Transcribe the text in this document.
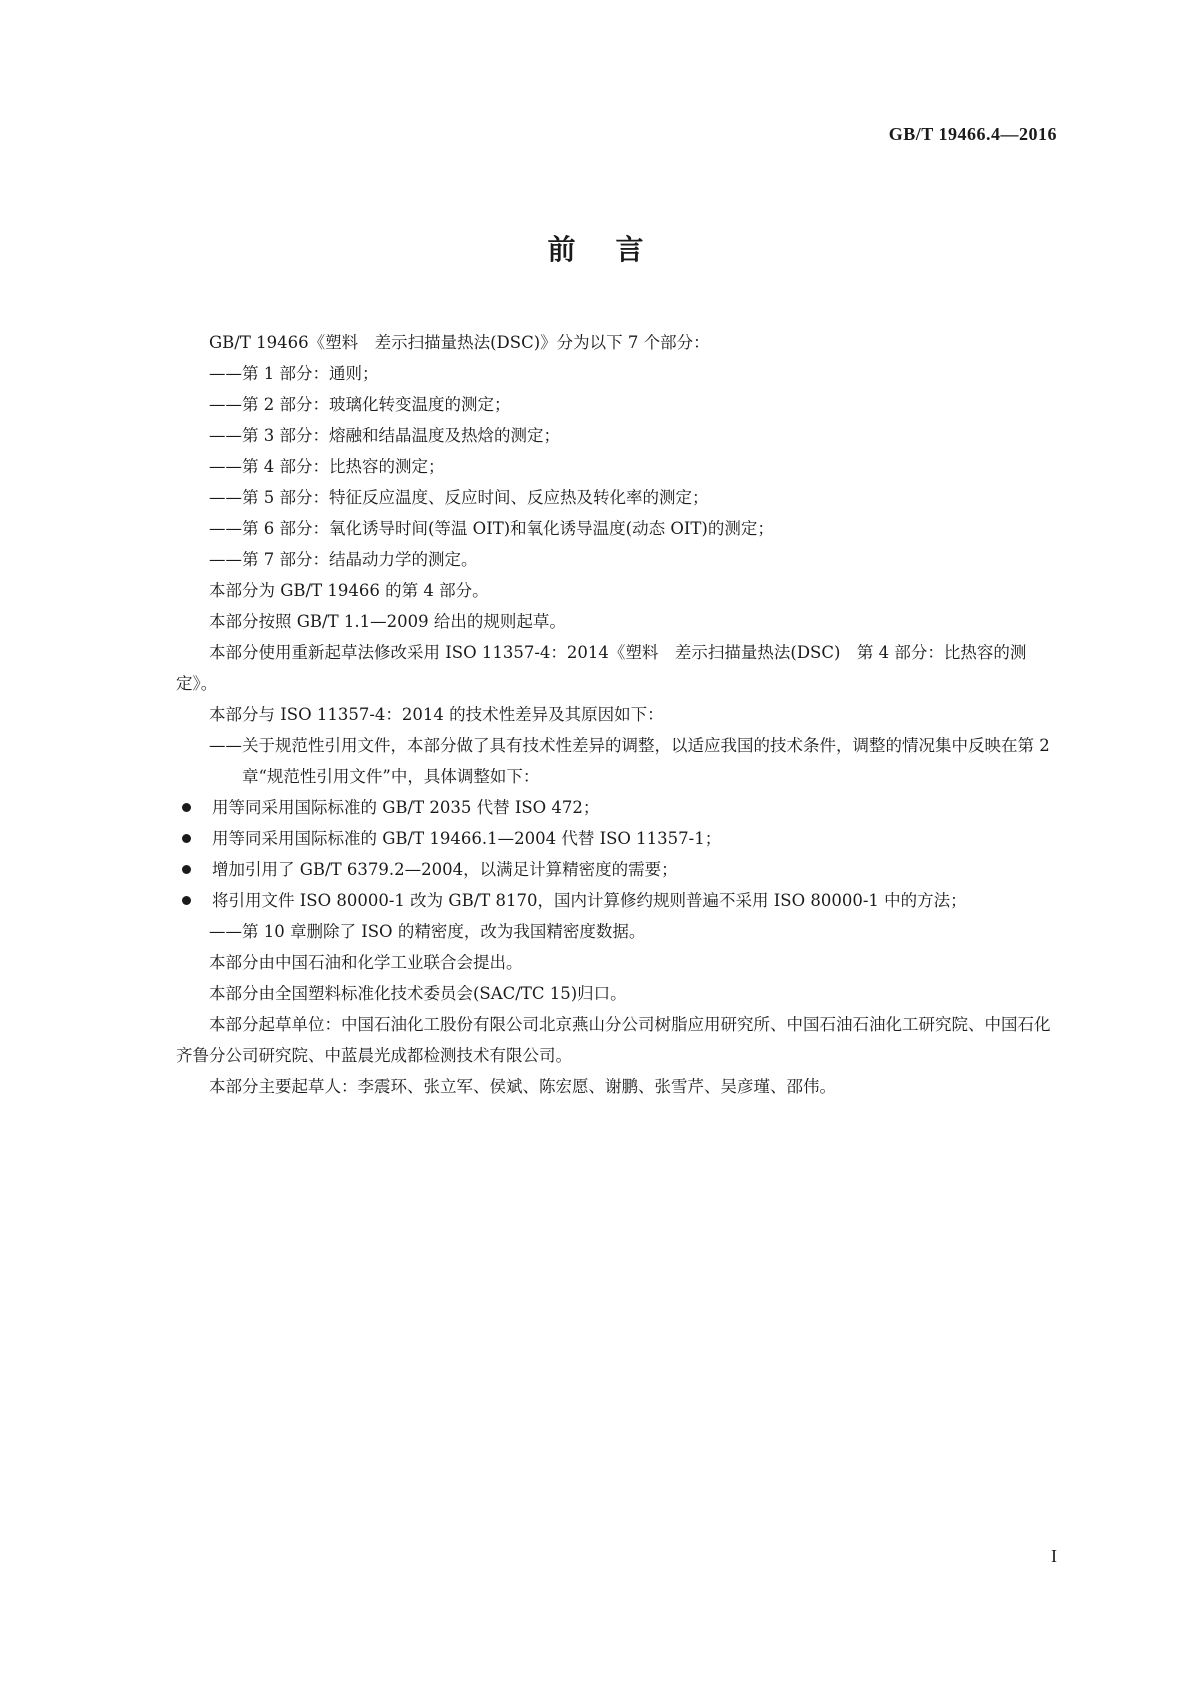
GB/T 19466.4—2016
前言

GB/T 19466《塑料　差示扫描量热法(DSC)》分为以下 7 个部分：

——第 1 部分：通则；

——第 2 部分：玻璃化转变温度的测定；

——第 3 部分：熔融和结晶温度及热焓的测定；

——第 4 部分：比热容的测定；

——第 5 部分：特征反应温度、反应时间、反应热及转化率的测定；

——第 6 部分：氧化诱导时间(等温 OIT)和氧化诱导温度(动态 OIT)的测定；

——第 7 部分：结晶动力学的测定。

本部分为 GB/T 19466 的第 4 部分。

本部分按照 GB/T 1.1—2009 给出的规则起草。

本部分使用重新起草法修改采用 ISO 11357-4：2014《塑料　差示扫描量热法(DSC)　第 4 部分：比热容的测定》。

本部分与 ISO 11357-4：2014 的技术性差异及其原因如下：

——关于规范性引用文件，本部分做了具有技术性差异的调整，以适应我国的技术条件，调整的情况集中反映在第 2 章“规范性引用文件”中，具体调整如下：

用等同采用国际标准的 GB/T 2035 代替 ISO 472；
用等同采用国际标准的 GB/T 19466.1—2004 代替 ISO 11357-1；
增加引用了 GB/T 6379.2—2004，以满足计算精密度的需要；
将引用文件 ISO 80000-1 改为 GB/T 8170，国内计算修约规则普遍不采用 ISO 80000-1 中的方法；

——第 10 章删除了 ISO 的精密度，改为我国精密度数据。

本部分由中国石油和化学工业联合会提出。

本部分由全国塑料标准化技术委员会(SAC/TC 15)归口。

本部分起草单位：中国石油化工股份有限公司北京燕山分公司树脂应用研究所、中国石油石油化工研究院、中国石化齐鲁分公司研究院、中蓝晨光成都检测技术有限公司。

本部分主要起草人：李震环、张立军、侯斌、陈宏愿、谢鹏、张雪芹、吴彦瑾、邵伟。

I
